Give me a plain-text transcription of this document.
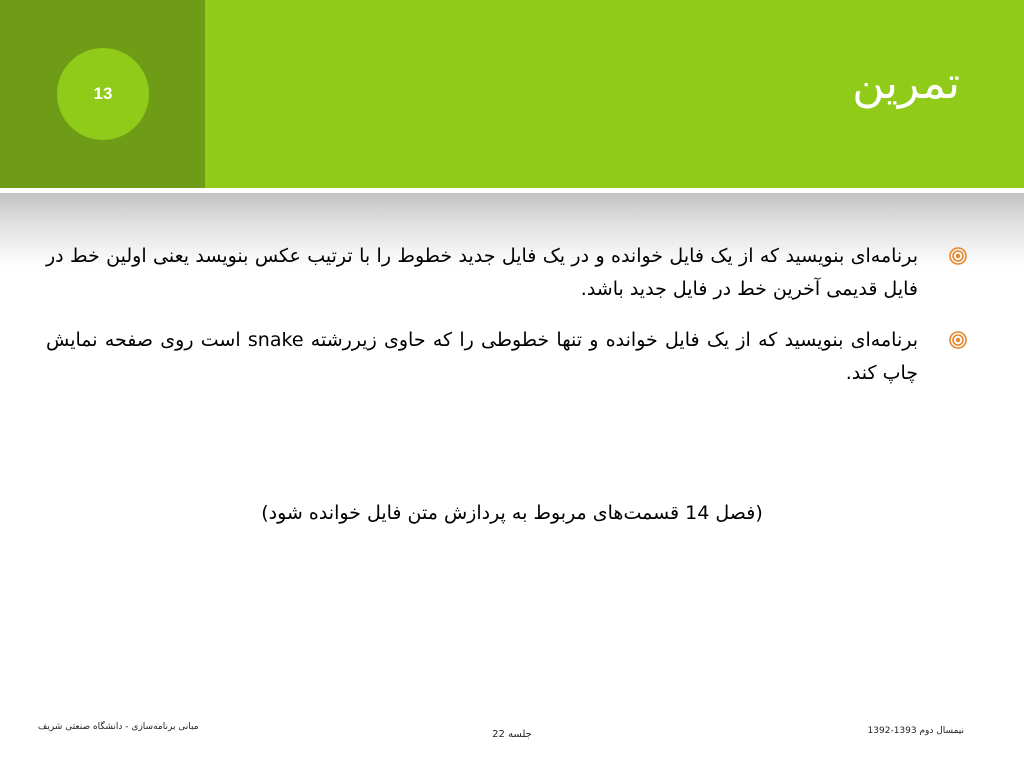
13	تمرین
برنامه‌ای بنویسید که از یک فایل خوانده و در یک فایل جدید خطوط را با ترتیب عکس بنویسد یعنی اولین خط در فایل قدیمی آخرین خط در فایل جدید باشد.
برنامه‌ای بنویسید که از یک فایل خوانده و تنها خطوطی را که حاوی زیررشته snake است روی صفحه نمایش چاپ کند.
(فصل 14 قسمت‌های مربوط به پردازش متن فایل خوانده شود)
نیمسال دوم 1393-1392
جلسه 22
مبانی برنامه‌سازی - دانشگاه صنعتی شریف
